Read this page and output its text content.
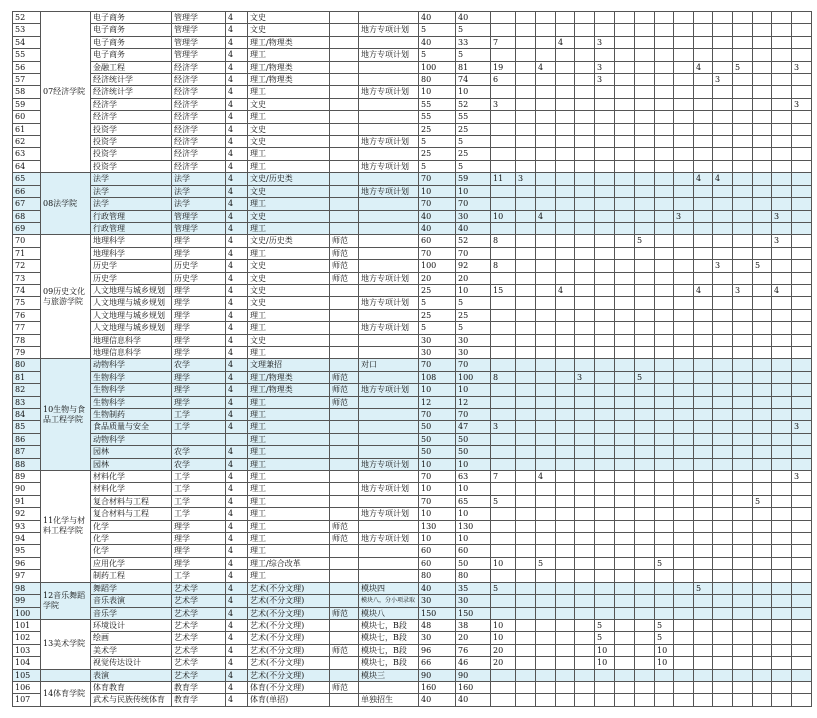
52	07经济学院	电子商务	管理学	4	文史			40	40																
53		电子商务	管理学	4	文史		地方专项计划	5	5																
54		电子商务	管理学	4	理工/物理类			40	33	7			4		3										
55		电子商务	管理学	4	理工		地方专项计划	5	5																
56		金融工程	经济学	4	理工/物理类			100	81	19		4			3					4		5			3
57		经济统计学	经济学	4	理工/物理类			80	74	6					3						3				
58		经济统计学	经济学	4	理工		地方专项计划	10	10																
59		经济学	经济学	4	文史			55	52	3															3
60		经济学	经济学	4	理工			55	55																
61		投资学	经济学	4	文史			25	25																
62		投资学	经济学	4	文史		地方专项计划	5	5																
63		投资学	经济学	4	理工			25	25																
64		投资学	经济学	4	理工		地方专项计划	5	5																
65	08法学院	法学	法学	4	文史/历史类			70	59	11	3									4	4				
66		法学	法学	4	文史		地方专项计划	10	10																
67		法学	法学	4	理工			70	70																
68		行政管理	管理学	4	文史			40	30	10		4							3					3	
69		行政管理	管理学	4	理工			40	40																
70	09历史文化与旅游学院	地理科学	理学	4	文史/历史类	师范		60	52	8							5							3	
71		地理科学	理学	4	理工	师范		70	70																
72		历史学	历史学	4	文史	师范		100	92	8											3		5		
73		历史学	历史学	4	文史	师范	地方专项计划	20	20																
74		人文地理与城乡规划	理学	4	文史			25	10	15			4							4		3		4	
75		人文地理与城乡规划	理学	4	文史		地方专项计划	5	5																
76		人文地理与城乡规划	理学	4	理工			25	25																
77		人文地理与城乡规划	理学	4	理工		地方专项计划	5	5																
78		地理信息科学	理学	4	文史			30	30																
79		地理信息科学	理学	4	理工			30	30																
80	10生物与食品工程学院	动物科学	农学	4	文理兼招		对口	70	70																
81		生物科学	理学	4	理工/物理类	师范		108	100	8				3			5								
82		生物科学	理学	4	理工/物理类	师范	地方专项计划	10	10																
83		生物科学	理学	4	理工	师范		12	12																
84		生物制药	工学	4	理工			70	70																
85		食品质量与安全	工学	4	理工			50	47	3															3
86		动物科学			理工			50	50																
87		园林	农学	4	理工			50	50																
88		园林	农学	4	理工		地方专项计划	10	10																
89	11化学与材料工程学院	材料化学	工学	4	理工			70	63	7		4													3
90		材料化学	工学	4	理工		地方专项计划	10	10																
91		复合材料与工程	工学	4	理工			70	65	5													5		
92		复合材料与工程	工学	4	理工		地方专项计划	10	10																
93		化学	理学	4	理工	师范		130	130																
94		化学	理学	4	理工	师范	地方专项计划	10	10																
95		化学	理学	4	理工			60	60																
96		应用化学	理学	4	理工/综合改革			60	50	10		5						5							
97		制药工程	工学	4	理工			80	80																
98	12音乐舞蹈学院	舞蹈学	艺术学	4	艺术(不分文理)		模块四	40	35	5										5					
99		音乐表演	艺术学	4	艺术(不分文理)		模块八，分小项录取	30	30																
100		音乐学	艺术学	4	艺术(不分文理)	师范	模块八	150	150																
101	13美术学院	环境设计	艺术学	4	艺术(不分文理)		模块七，B段	48	38	10					5			5							
102		绘画	艺术学	4	艺术(不分文理)		模块七，B段	30	20	10					5			5							
103		美术学	艺术学	4	艺术(不分文理)	师范	模块七，B段	96	76	20					10			10							
104		视觉传达设计	艺术学	4	艺术(不分文理)		模块七，B段	66	46	20					10			10							
105		表演	艺术学	4	艺术(不分文理)		模块三	90	90																
106	14体育学院	体育教育	教育学	4	体育(不分文理)	师范		160	160																
107		武术与民族传统体育	教育学	4	体育(单招)		单独招生	40	40																
